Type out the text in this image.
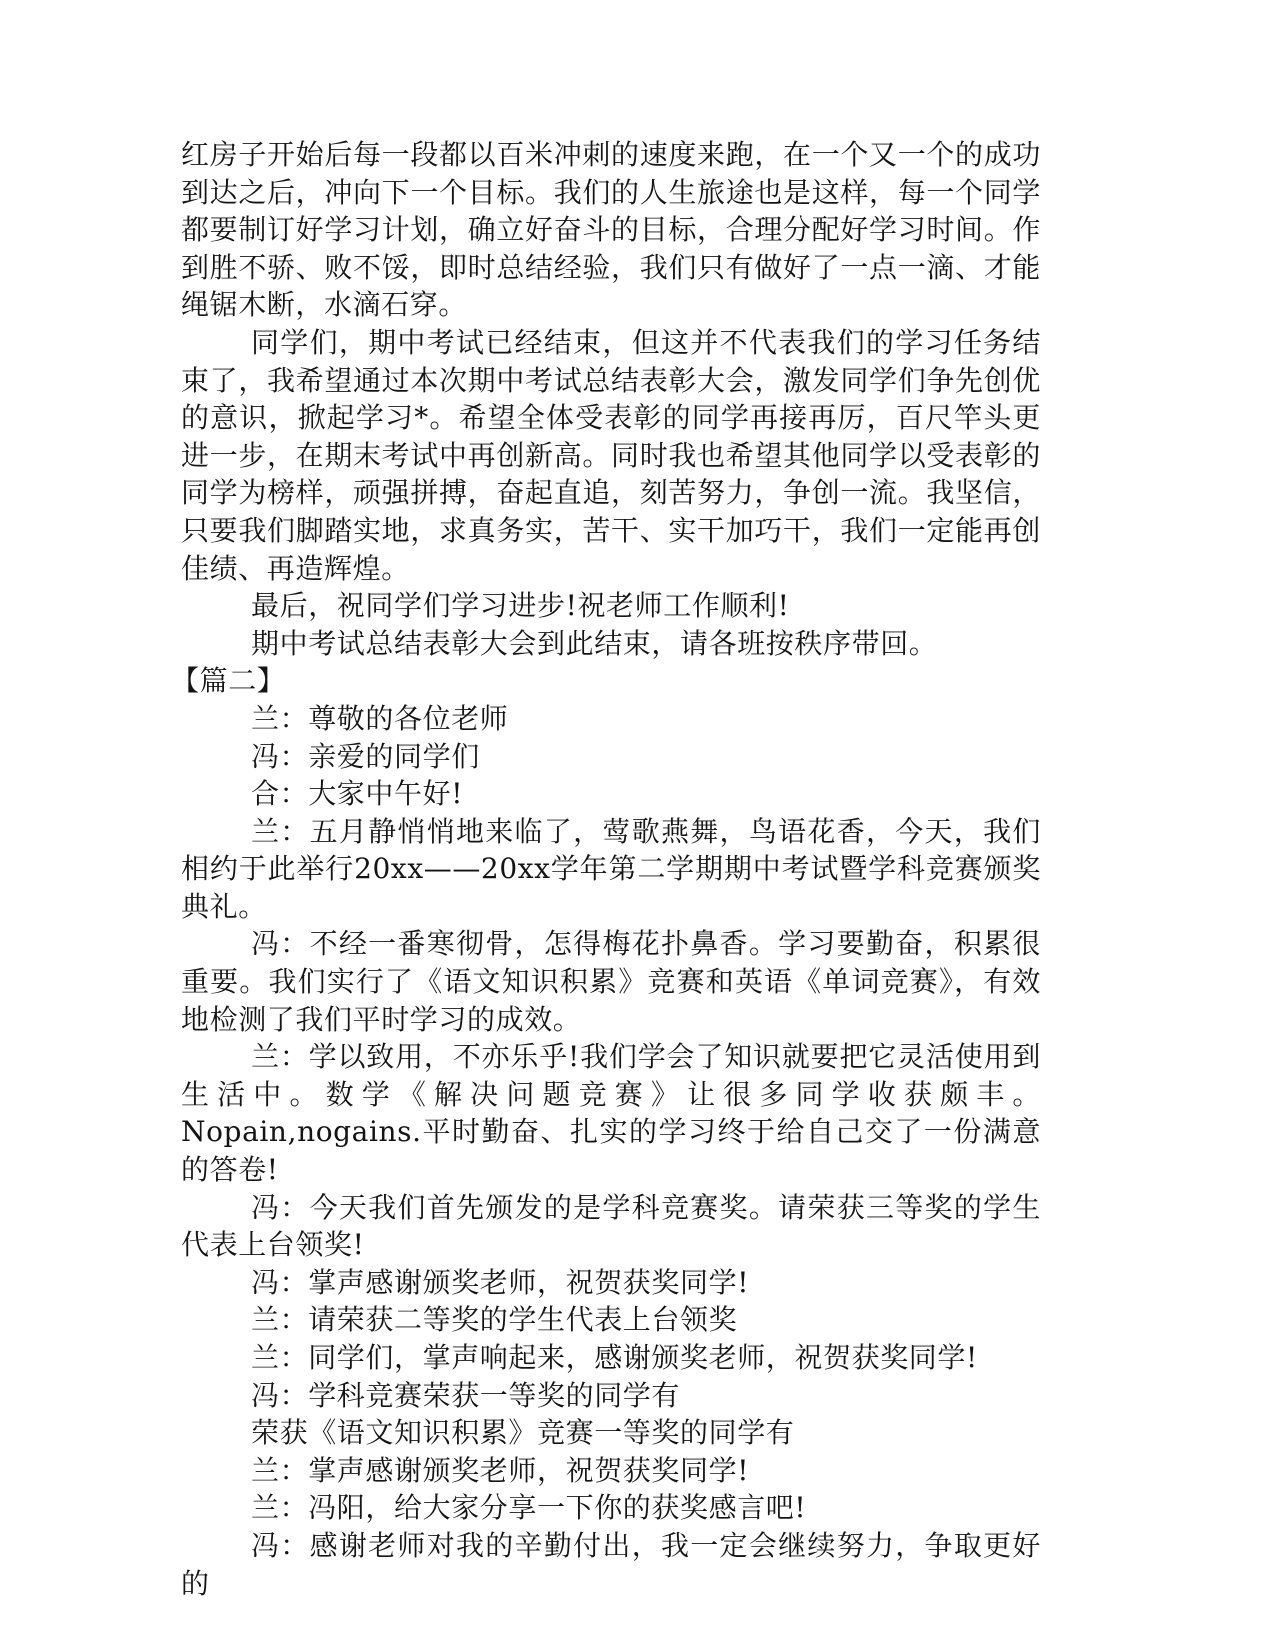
红房子开始后每一段都以百米冲刺的速度来跑，在一个又一个的成功到达之后，冲向下一个目标。我们的人生旅途也是这样，每一个同学都要制订好学习计划，确立好奋斗的目标，合理分配好学习时间。作到胜不骄、败不馁，即时总结经验，我们只有做好了一点一滴、才能绳锯木断，水滴石穿。

同学们，期中考试已经结束，但这并不代表我们的学习任务结束了，我希望通过本次期中考试总结表彰大会，激发同学们争先创优的意识，掀起学习*。希望全体受表彰的同学再接再厉，百尺竿头更进一步，在期末考试中再创新高。同时我也希望其他同学以受表彰的同学为榜样，顽强拼搏，奋起直追，刻苦努力，争创一流。我坚信，只要我们脚踏实地，求真务实，苦干、实干加巧干，我们一定能再创佳绩、再造辉煌。

最后，祝同学们学习进步!祝老师工作顺利!

期中考试总结表彰大会到此结束，请各班按秩序带回。

【篇二】

兰：尊敬的各位老师

冯：亲爱的同学们

合：大家中午好!

兰：五月静悄悄地来临了，莺歌燕舞，鸟语花香，今天，我们相约于此举行20xx——20xx学年第二学期期中考试暨学科竞赛颁奖典礼。

冯：不经一番寒彻骨，怎得梅花扑鼻香。学习要勤奋，积累很重要。我们实行了《语文知识积累》竞赛和英语《单词竞赛》，有效地检测了我们平时学习的成效。

兰：学以致用，不亦乐乎!我们学会了知识就要把它灵活使用到生活中。数学《解决问题竞赛》让很多同学收获颇丰。Nopain,nogains.平时勤奋、扎实的学习终于给自己交了一份满意的答卷!

冯：今天我们首先颁发的是学科竞赛奖。请荣获三等奖的学生代表上台领奖!

冯：掌声感谢颁奖老师，祝贺获奖同学!

兰：请荣获二等奖的学生代表上台领奖

兰：同学们，掌声响起来，感谢颁奖老师，祝贺获奖同学!

冯：学科竞赛荣获一等奖的同学有

荣获《语文知识积累》竞赛一等奖的同学有

兰：掌声感谢颁奖老师，祝贺获奖同学!

兰：冯阳，给大家分享一下你的获奖感言吧!

冯：感谢老师对我的辛勤付出，我一定会继续努力，争取更好的
